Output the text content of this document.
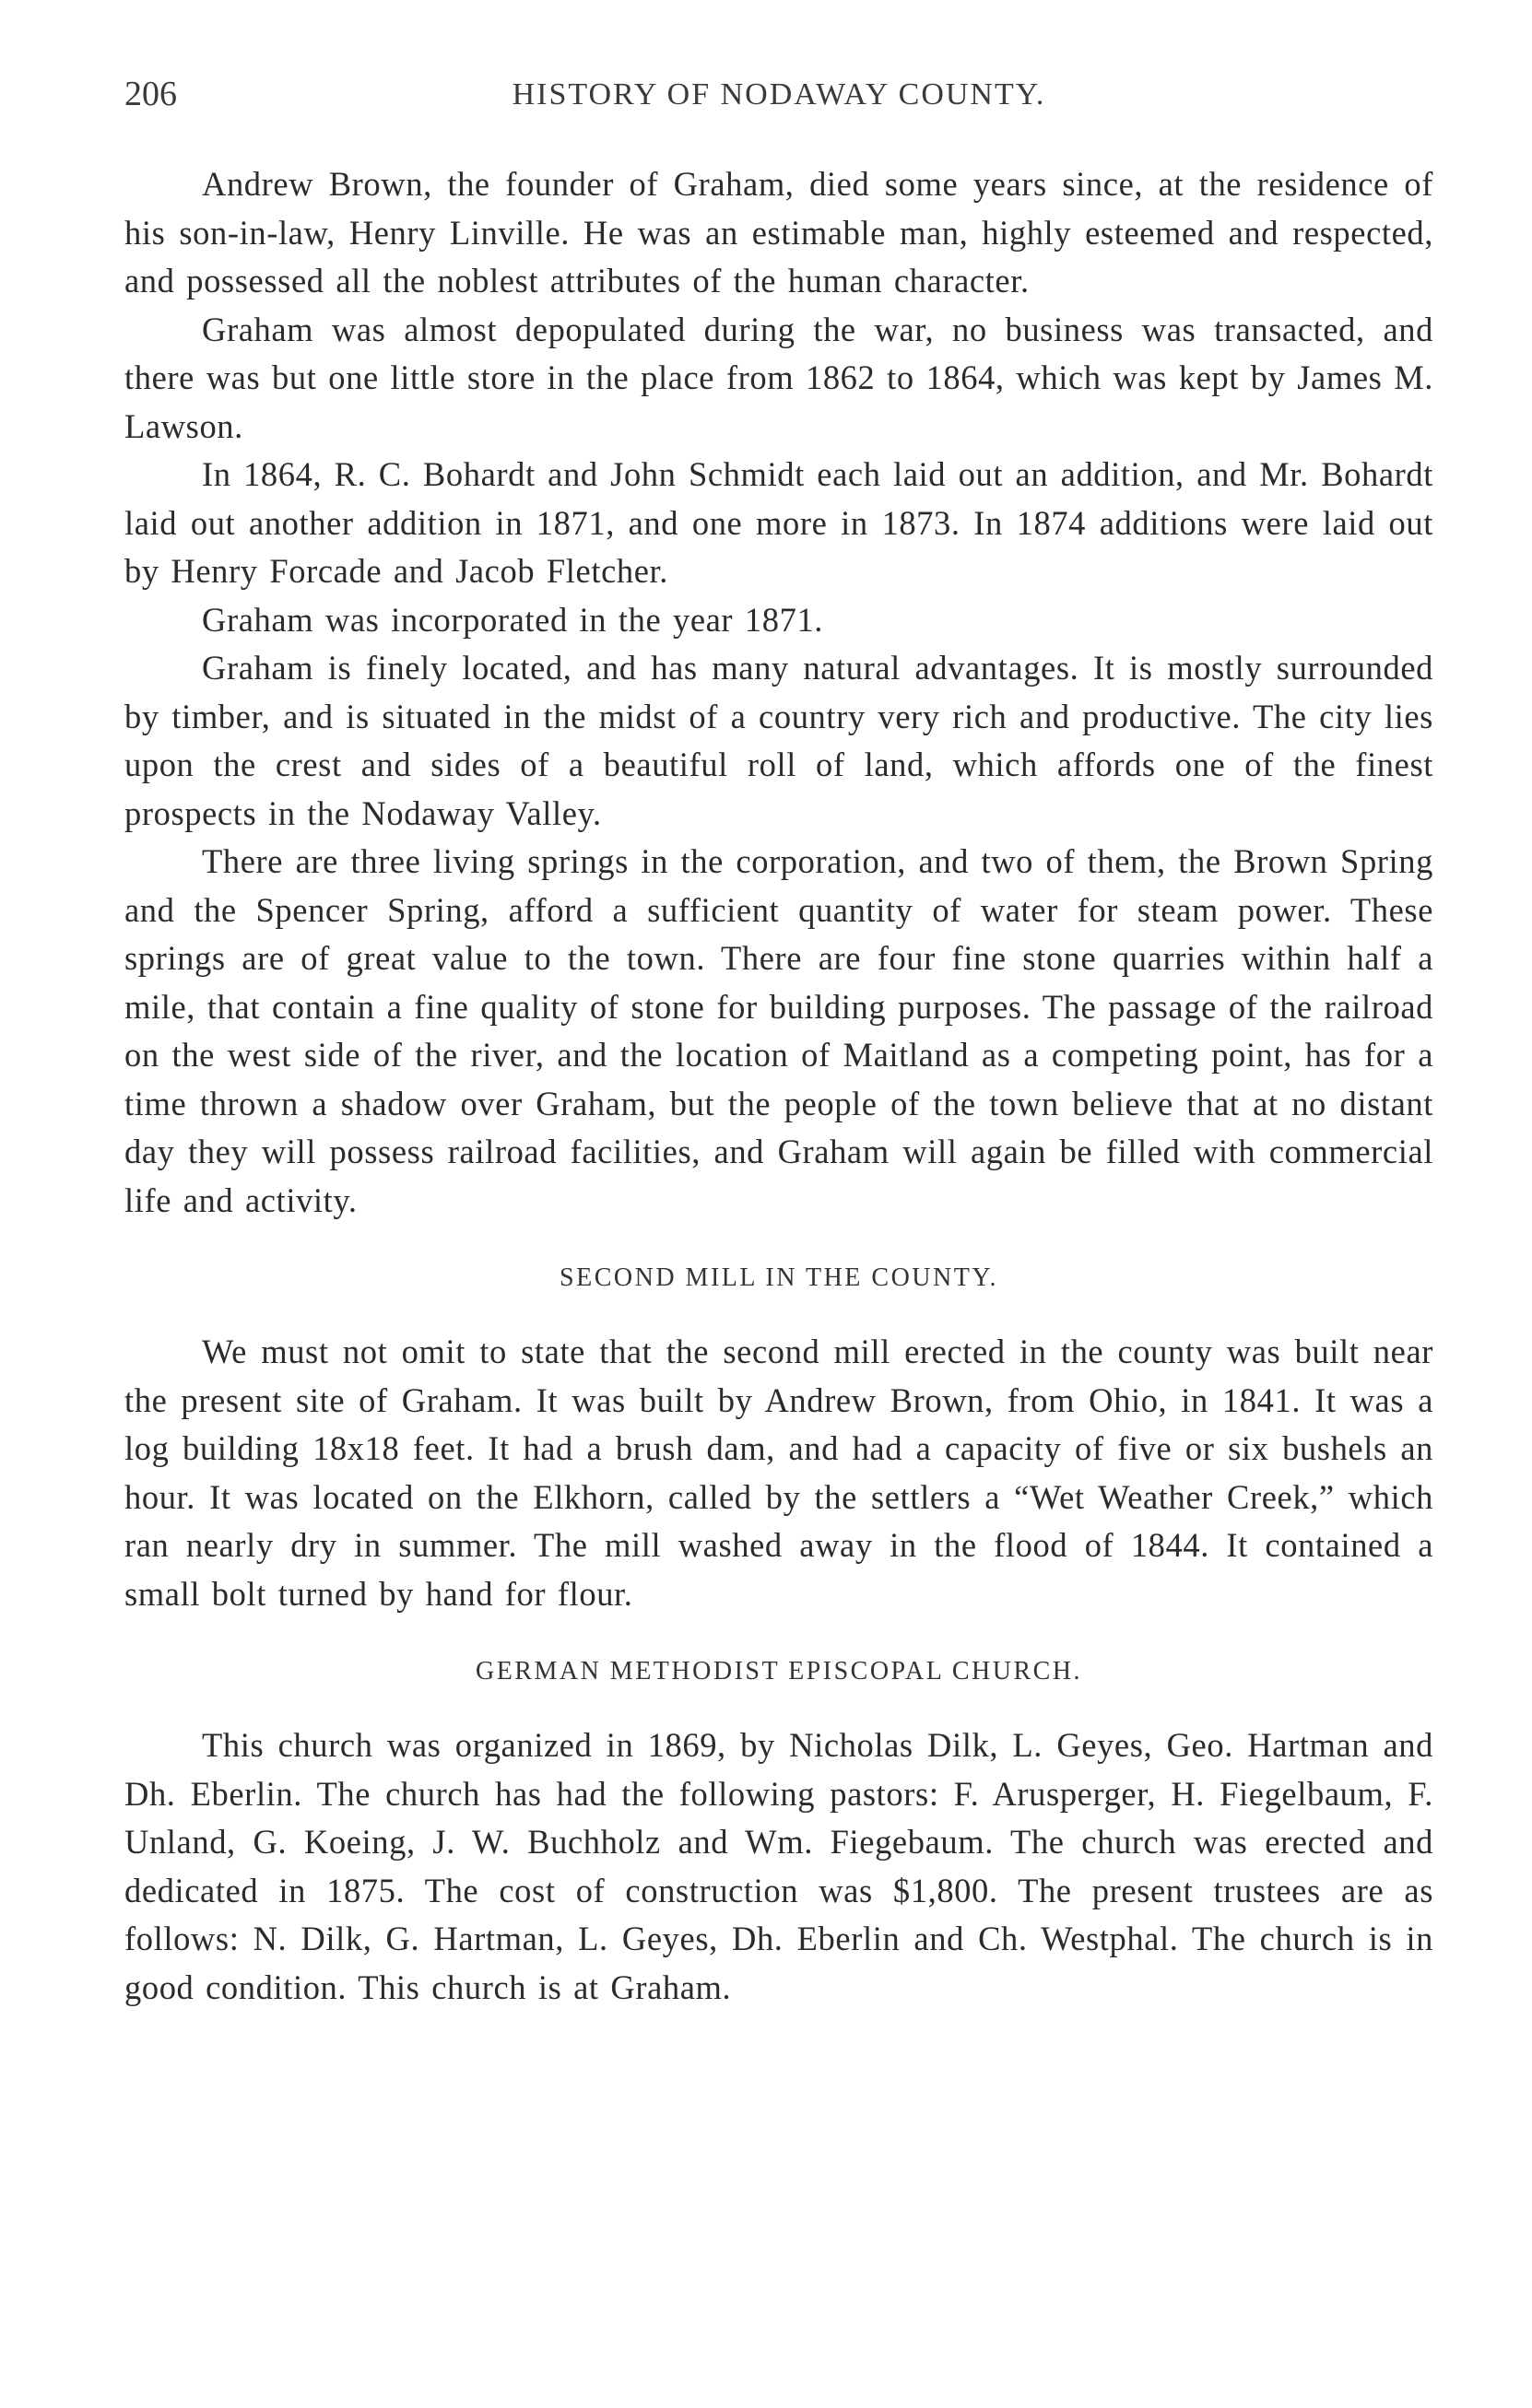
206	HISTORY OF NODAWAY COUNTY.

Andrew Brown, the founder of Graham, died some years since, at the residence of his son-in-law, Henry Linville. He was an estimable man, highly esteemed and respected, and possessed all the noblest attributes of the human character.

Graham was almost depopulated during the war, no business was transacted, and there was but one little store in the place from 1862 to 1864, which was kept by James M. Lawson.

In 1864, R. C. Bohardt and John Schmidt each laid out an addition, and Mr. Bohardt laid out another addition in 1871, and one more in 1873. In 1874 additions were laid out by Henry Forcade and Jacob Fletcher.

Graham was incorporated in the year 1871.

Graham is finely located, and has many natural advantages. It is mostly surrounded by timber, and is situated in the midst of a country very rich and productive. The city lies upon the crest and sides of a beautiful roll of land, which affords one of the finest prospects in the Nodaway Valley.

There are three living springs in the corporation, and two of them, the Brown Spring and the Spencer Spring, afford a sufficient quantity of water for steam power. These springs are of great value to the town. There are four fine stone quarries within half a mile, that contain a fine quality of stone for building purposes. The passage of the railroad on the west side of the river, and the location of Maitland as a competing point, has for a time thrown a shadow over Graham, but the people of the town believe that at no distant day they will possess railroad facilities, and Graham will again be filled with commercial life and activity.

SECOND MILL IN THE COUNTY.

We must not omit to state that the second mill erected in the county was built near the present site of Graham. It was built by Andrew Brown, from Ohio, in 1841. It was a log building 18x18 feet. It had a brush dam, and had a capacity of five or six bushels an hour. It was located on the Elkhorn, called by the settlers a “Wet Weather Creek,” which ran nearly dry in summer. The mill washed away in the flood of 1844. It contained a small bolt turned by hand for flour.

GERMAN METHODIST EPISCOPAL CHURCH.

This church was organized in 1869, by Nicholas Dilk, L. Geyes, Geo. Hartman and Dh. Eberlin. The church has had the following pastors: F. Arusperger, H. Fiegelbaum, F. Unland, G. Koeing, J. W. Buchholz and Wm. Fiegebaum. The church was erected and dedicated in 1875. The cost of construction was $1,800. The present trustees are as follows: N. Dilk, G. Hartman, L. Geyes, Dh. Eberlin and Ch. Westphal. The church is in good condition. This church is at Graham.
